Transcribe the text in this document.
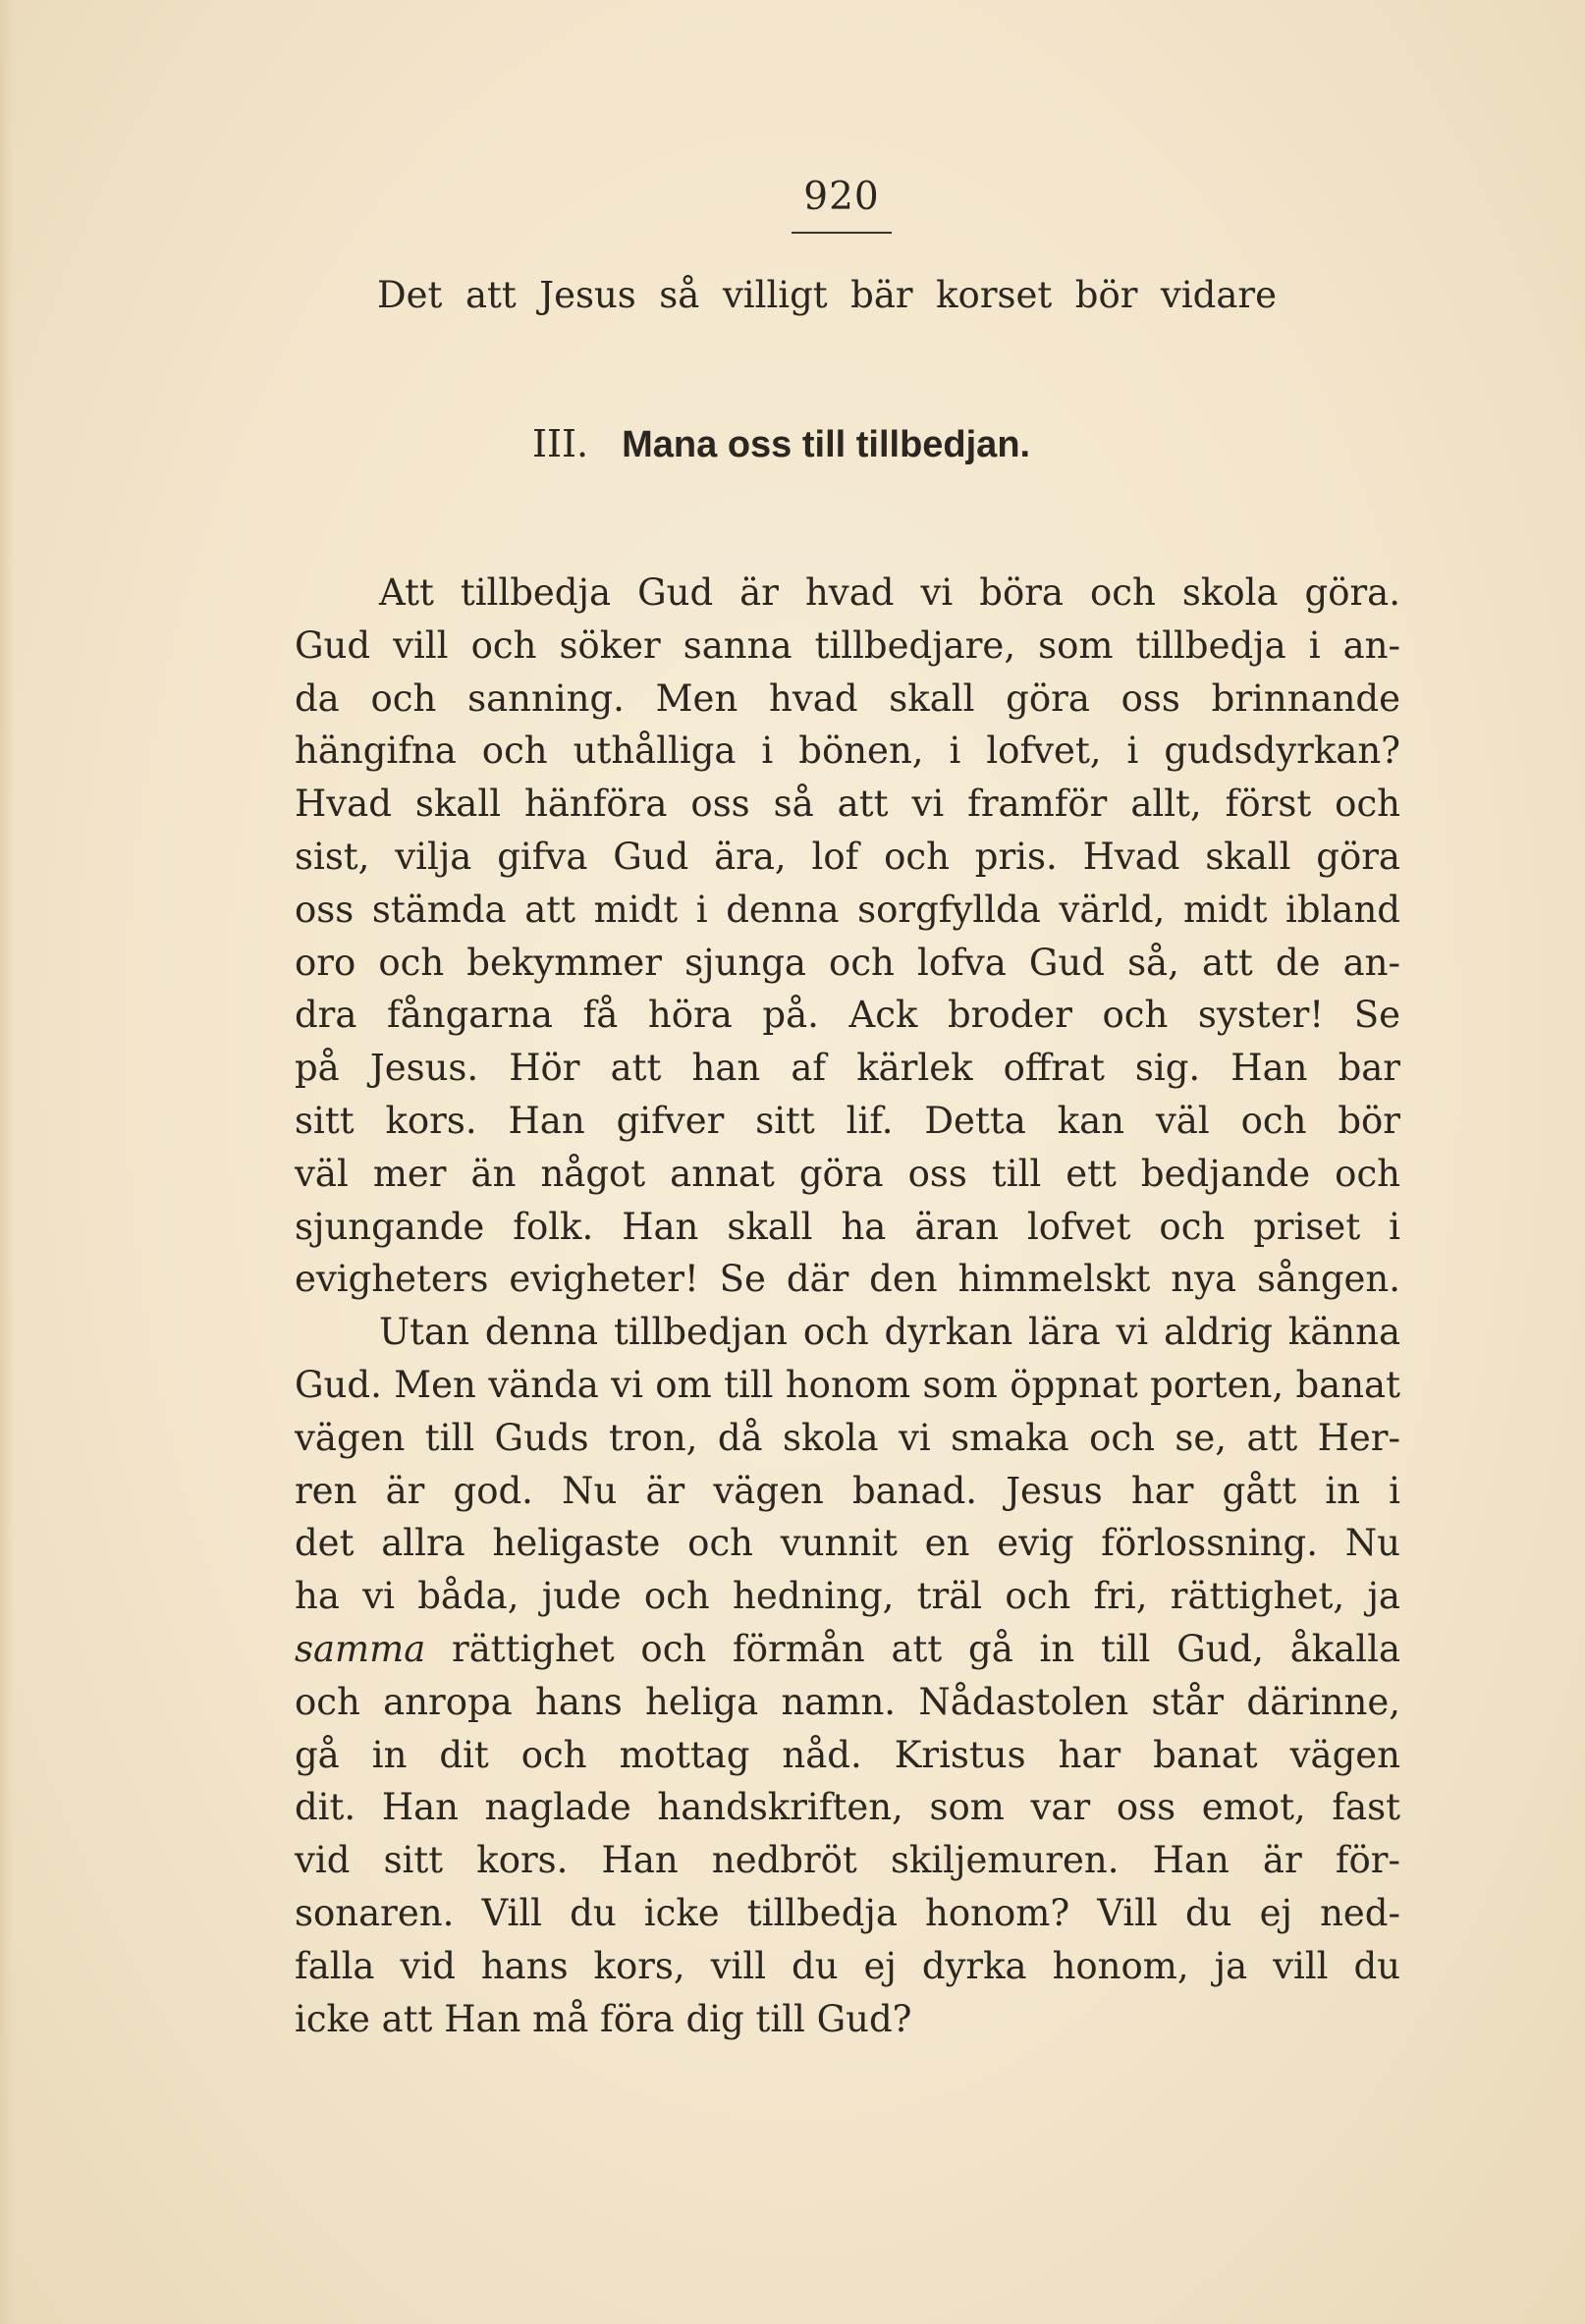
920
Det att Jesus så villigt bär korset bör vidare
III. Mana oss till tillbedjan.
Att tillbedja Gud är hvad vi böra och skola göra.
Gud vill och söker sanna tillbedjare, som tillbedja i an-
da och sanning. Men hvad skall göra oss brinnande
hängifna och uthålliga i bönen, i lofvet, i gudsdyrkan?
Hvad skall hänföra oss så att vi framför allt, först och
sist, vilja gifva Gud ära, lof och pris. Hvad skall göra
oss stämda att midt i denna sorgfyllda värld, midt ibland
oro och bekymmer sjunga och lofva Gud så, att de an-
dra fångarna få höra på. Ack broder och syster! Se
på Jesus. Hör att han af kärlek offrat sig. Han bar
sitt kors. Han gifver sitt lif. Detta kan väl och bör
väl mer än något annat göra oss till ett bedjande och
sjungande folk. Han skall ha äran lofvet och priset i
evigheters evigheter! Se där den himmelskt nya sången.
Utan denna tillbedjan och dyrkan lära vi aldrig känna
Gud. Men vända vi om till honom som öppnat porten, banat
vägen till Guds tron, då skola vi smaka och se, att Her-
ren är god. Nu är vägen banad. Jesus har gått in i
det allra heligaste och vunnit en evig förlossning. Nu
ha vi båda, jude och hedning, träl och fri, rättighet, ja
samma rättighet och förmån att gå in till Gud, åkalla
och anropa hans heliga namn. Nådastolen står därinne,
gå in dit och mottag nåd. Kristus har banat vägen
dit. Han naglade handskriften, som var oss emot, fast
vid sitt kors. Han nedbröt skiljemuren. Han är för-
sonaren. Vill du icke tillbedja honom? Vill du ej ned-
falla vid hans kors, vill du ej dyrka honom, ja vill du
icke att Han må föra dig till Gud?
